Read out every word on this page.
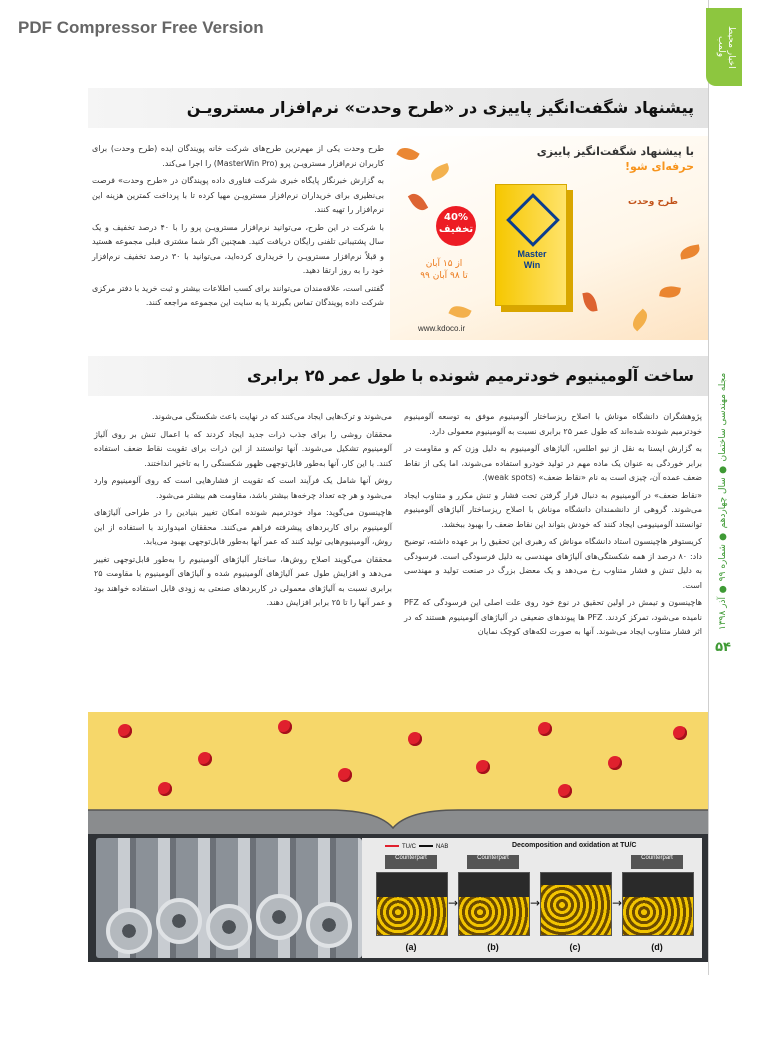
PDF Compressor Free Version	اخبار محیط ولمب
مجله مهندسی ساختمان ● سال چهاردهم ● شماره ۹۹ ● آذر ۱۳۹۸
۵۴
پیشنهاد شگفت‌انگیز پاییزی در «طرح وحدت» نرم‌افزار مسترویـن

طرح وحدت یکی از مهم‌ترین طرح‌های شرکت خانه پویندگان ایده (طرح وحدت) برای کاربران نرم‌افزار مسترویـن پرو (MasterWin Pro) را اجرا می‌کند.

به گزارش خبرنگار پایگاه خبری شرکت فناوری داده پویندگان در «طرح وحدت» فرصت بی‌نظیری برای خریداران نرم‌افزار مسترویـن مهیا کرده تا با پرداخت کمترین هزینه این نرم‌افزار را تهیه کنند.

با شرکت در این طرح، می‌توانید نرم‌افزار مسترویـن پرو را با ۴۰ درصد تخفیف و یک سال پشتیبانی تلفنی رایگان دریافت کنید. همچنین اگر شما مشتری قبلی مجموعه هستید و قبلاً نرم‌افزار مسترویـن را خریداری کرده‌اید، می‌توانید با ۳۰ درصد تخفیف نرم‌افزار خود را به روز ارتقا دهید.

گفتنی است، علاقه‌مندان می‌توانند برای کسب اطلاعات بیشتر و ثبت خرید با دفتر مرکزی شرکت داده پویندگان تماس بگیرند یا به سایت این مجموعه مراجعه کنند.

با پیشنهاد شگفت‌انگیز پاییزی
حرفه‌ای شو!
Master
Win
40%
تخفیف
طرح وحدت
از ۱۵ آبان
تا ۹۸ آبان ۹۹
www.kdoco.ir
ساخت آلومینیوم خودترمیم شونده با طول عمر ۲۵ برابری

پژوهشگران دانشگاه موناش با اصلاح ریزساختار آلومینیوم موفق به توسعه آلومینیوم خودترمیم شونده شده‌اند که طول عمر ۲۵ برابری نسبت به آلومینیوم معمولی دارد.

به گزارش ایسنا به نقل از نیو اطلس، آلیاژهای آلومینیوم به دلیل وزن کم و مقاومت در برابر خوردگی به عنوان یک ماده مهم در تولید خودرو استفاده می‌شوند، اما یکی از نقاط ضعف عمده آن، چیزی است به نام «نقاط ضعف» (weak spots).

«نقاط ضعف» در آلومینیوم به دنبال قرار گرفتن تحت فشار و تنش مکرر و متناوب ایجاد می‌شوند. گروهی از دانشمندان دانشگاه موناش با اصلاح ریزساختار آلیاژهای آلومینیوم توانستند آلومینیومی ایجاد کنند که خودش بتواند این نقاط ضعف را بهبود ببخشد.

کریستوفر هاچینسون استاد دانشگاه موناش که رهبری این تحقیق را بر عهده داشته، توضیح داد: ۸۰ درصد از همه شکستگی‌های آلیاژهای مهندسی به دلیل فرسودگی است. فرسودگی به دلیل تنش و فشار متناوب رخ می‌دهد و یک معضل بزرگ در صنعت تولید و مهندسی است.

هاچینسون و تیمش در اولین تحقیق در نوع خود روی علت اصلی این فرسودگی که PFZ نامیده می‌شود، تمرکز کردند. PFZ ها پیوندهای ضعیفی در آلیاژهای آلومینیوم هستند که در اثر فشار متناوب ایجاد می‌شوند. آنها به صورت لکه‌های کوچک نمایان

می‌شوند و ترک‌هایی ایجاد می‌کنند که در نهایت باعث شکستگی می‌شوند.

محققان روشی را برای جذب ذرات جدید ایجاد کردند که با اعمال تنش بر روی آلیاژ آلومینیوم تشکیل می‌شوند. آنها توانستند از این ذرات برای تقویت نقاط ضعف استفاده کنند. با این کار، آنها به‌طور قابل‌توجهی ظهور شکستگی را به تاخیر انداختند.

روش آنها شامل یک فرآیند است که تقویت از فشارهایی است که روی آلومینیوم وارد می‌شود و هر چه تعداد چرخه‌ها بیشتر باشد، مقاومت هم بیشتر می‌شود.

هاچینسون می‌گوید: مواد خودترمیم شونده امکان تغییر بنیادین را در طراحی آلیاژهای آلومینیوم برای کاربردهای پیشرفته فراهم می‌کنند. محققان امیدوارند با استفاده از این روش، آلومینیوم‌هایی تولید کنند که عمر آنها به‌طور قابل‌توجهی بهبود می‌یابد.

محققان می‌گویند اصلاح روش‌ها، ساختار آلیاژهای آلومینیوم را به‌طور قابل‌توجهی تغییر می‌دهد و افزایش طول عمر آلیاژهای آلومینیوم شده و آلیاژهای آلومینیوم با مقاومت ۲۵ برابری نسبت به آلیاژهای معمولی در کاربردهای صنعتی به زودی قابل استفاده خواهند بود و عمر آنها را تا ۲۵ برابر افزایش دهند.

TU/C	NAB	Decomposition and oxidation at TU/C
Counterpart	Counterpart	Counterpart
→	→	→
(a)	(b)	(c)	(d)
